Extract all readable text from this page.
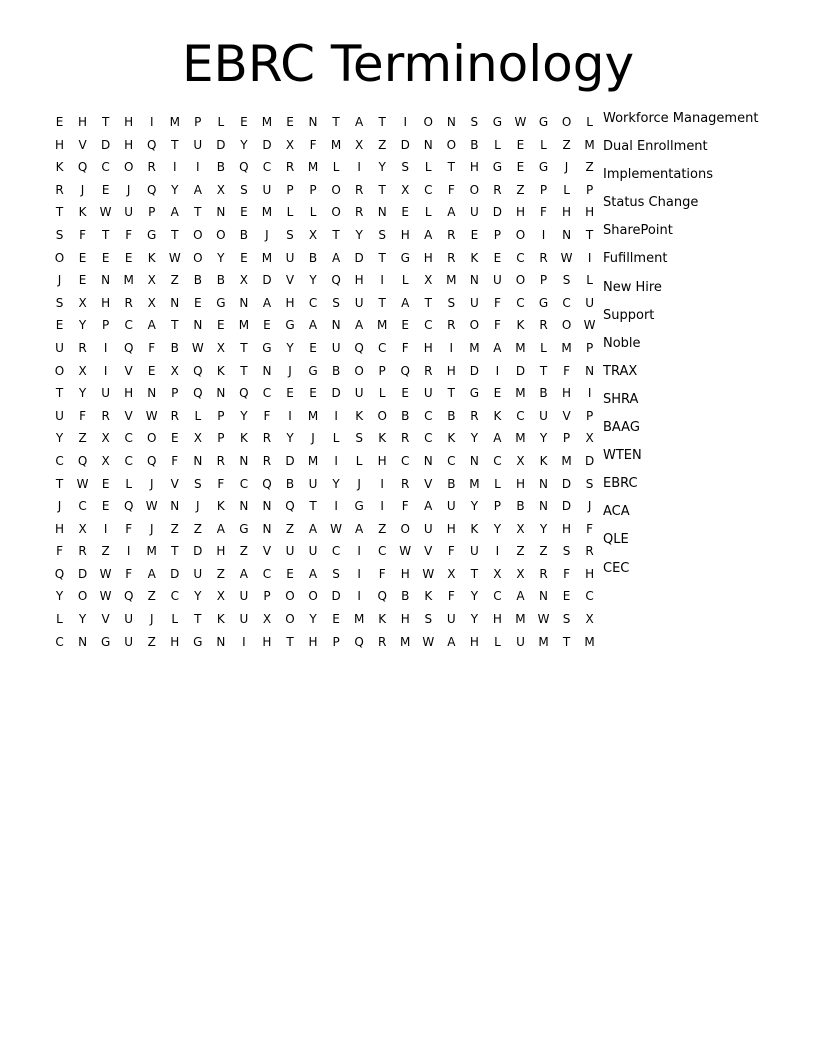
EBRC Terminology
E H T H I M P L E M E N T A T I O N S G W G O L
H V D H Q T U D Y D X F M X Z D N O B L E L Z M
K Q C O R I I B Q C R M L I Y S L T H G E G J Z
R J E J Q Y A X S U P P O R T X C F O R Z P L P
T K W U P A T N E M L L O R N E L A U D H F H H
S F T F G T O O B J S X T Y S H A R E P O I N T
O E E E K W O Y E M U B A D T G H R K E C R W I
J E N M X Z B B X D V Y Q H I L X M N U O P S L
S X H R X N E G N A H C S U T A T S U F C G C U
E Y P C A T N E M E G A N A M E C R O F K R O W
U R I Q F B W X T G Y E U Q C F H I M A M L M P
O X I V E X Q K T N J G B O P Q R H D I D T F N
T Y U H N P Q N Q C E E D U L E U T G E M B H I
U F R V W R L P Y F I M I K O B C B R K C U V P
Y Z X C O E X P K R Y J L S K R C K Y A M Y P X
C Q X C Q F N R N R D M I L H C N C N C X K M D
T W E L J V S F C Q B U Y J I R V B M L H N D S
J C E Q W N J K N N Q T I G I F A U Y P B N D J
H X I F J Z Z A G N Z A W A Z O U H K Y X Y H F
F R Z I M T D H Z V U U C I C W V F U I Z Z S R
Q D W F A D U Z A C E A S I F H W X T X X R F H
Y O W Q Z C Y X U P O O D I Q B K F Y C A N E C
L Y V U J L T K U X O Y E M K H S U Y H M W S X
C N G U Z H G N I H T H P Q R M W A H L U M T M
Workforce Management
Dual Enrollment
Implementations
Status Change
SharePoint
Fufillment
New Hire
Support
Noble
TRAX
SHRA
BAAG
WTEN
EBRC
ACA
QLE
CEC
